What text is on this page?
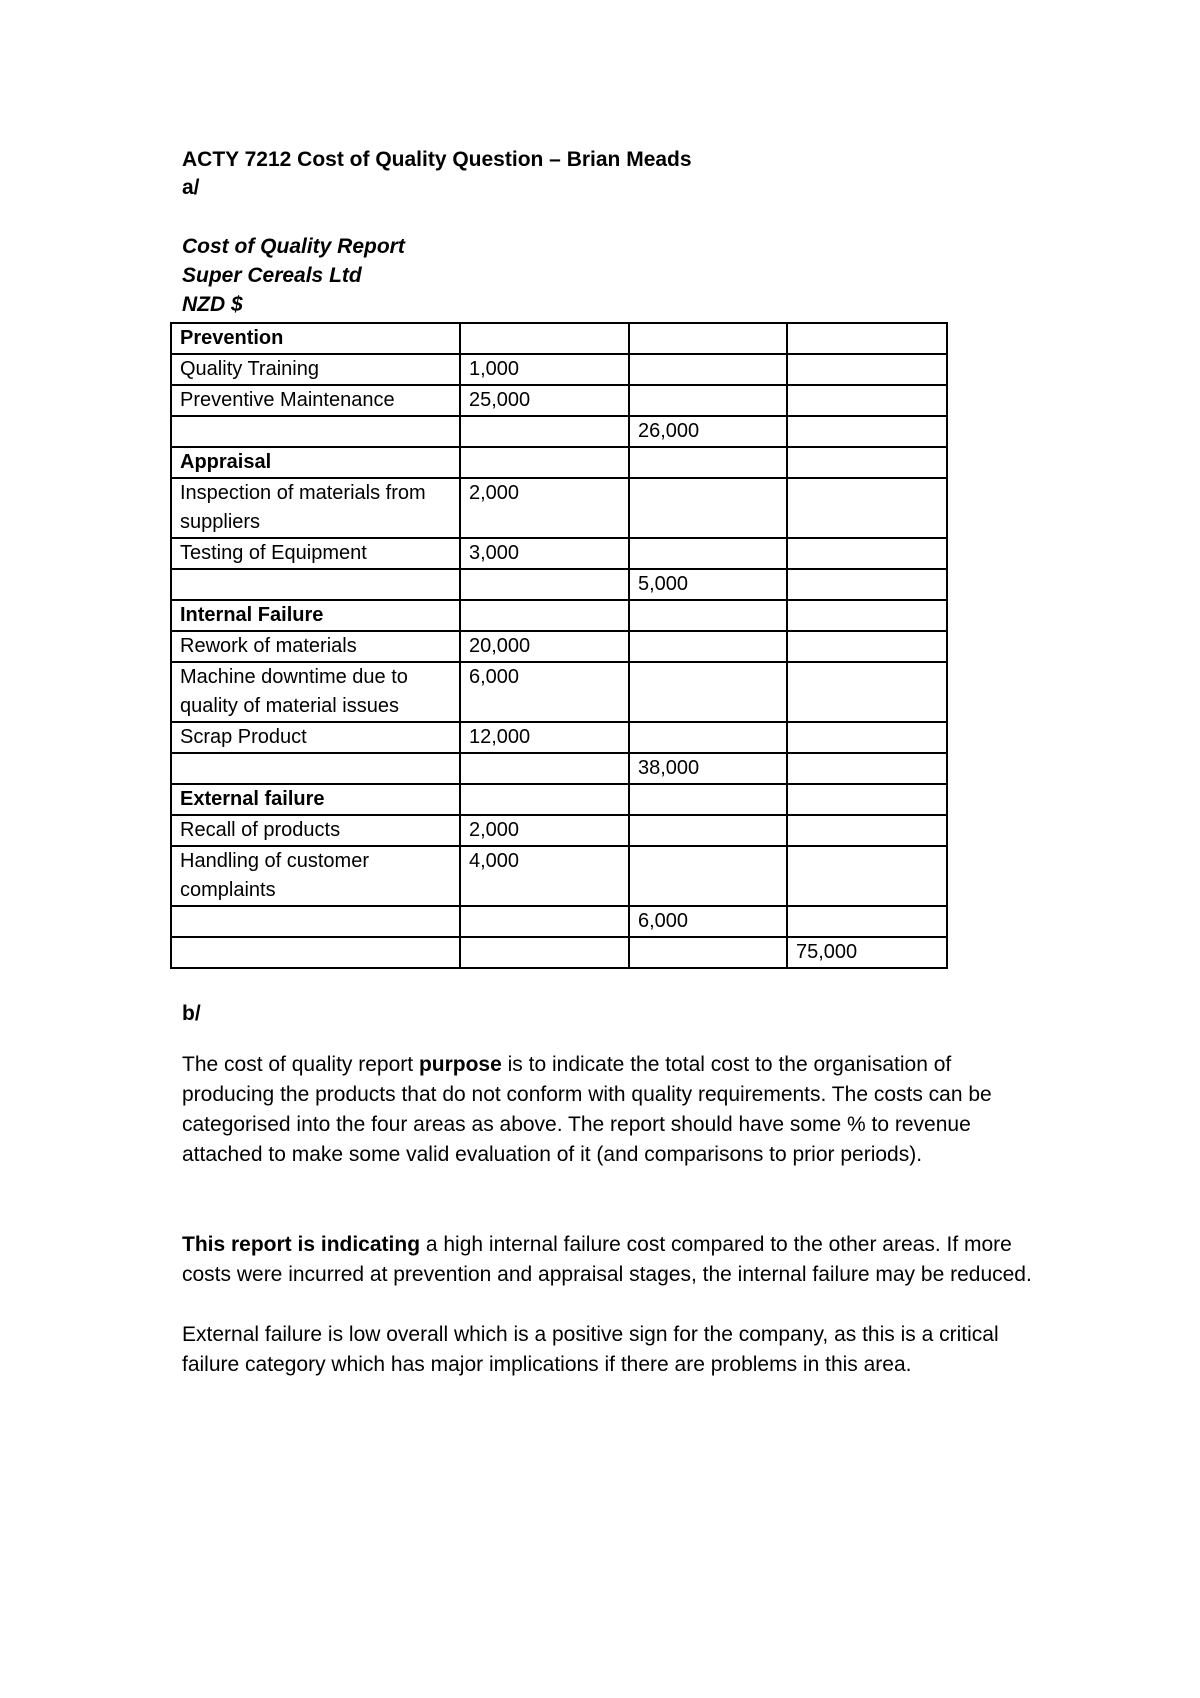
ACTY 7212 Cost of Quality Question – Brian Meads
a/
Cost of Quality Report
Super Cereals Ltd
NZD $
Prevention			
Quality Training	1,000		
Preventive Maintenance	25,000		
		26,000	
Appraisal			
Inspection of materials from suppliers	2,000		
Testing of Equipment	3,000		
		5,000	
Internal Failure			
Rework of materials	20,000		
Machine downtime due to quality of material issues	6,000		
Scrap Product	12,000		
		38,000	
External failure			
Recall of products	2,000		
Handling of customer complaints	4,000		
		6,000	
			75,000
b/

The cost of quality report purpose is to indicate the total cost to the organisation of producing the products that do not conform with quality requirements. The costs can be categorised into the four areas as above. The report should have some % to revenue attached to make some valid evaluation of it (and comparisons to prior periods).

This report is indicating a high internal failure cost compared to the other areas. If more costs were incurred at prevention and appraisal stages, the internal failure may be reduced.

External failure is low overall which is a positive sign for the company, as this is a critical failure category which has major implications if there are problems in this area.
